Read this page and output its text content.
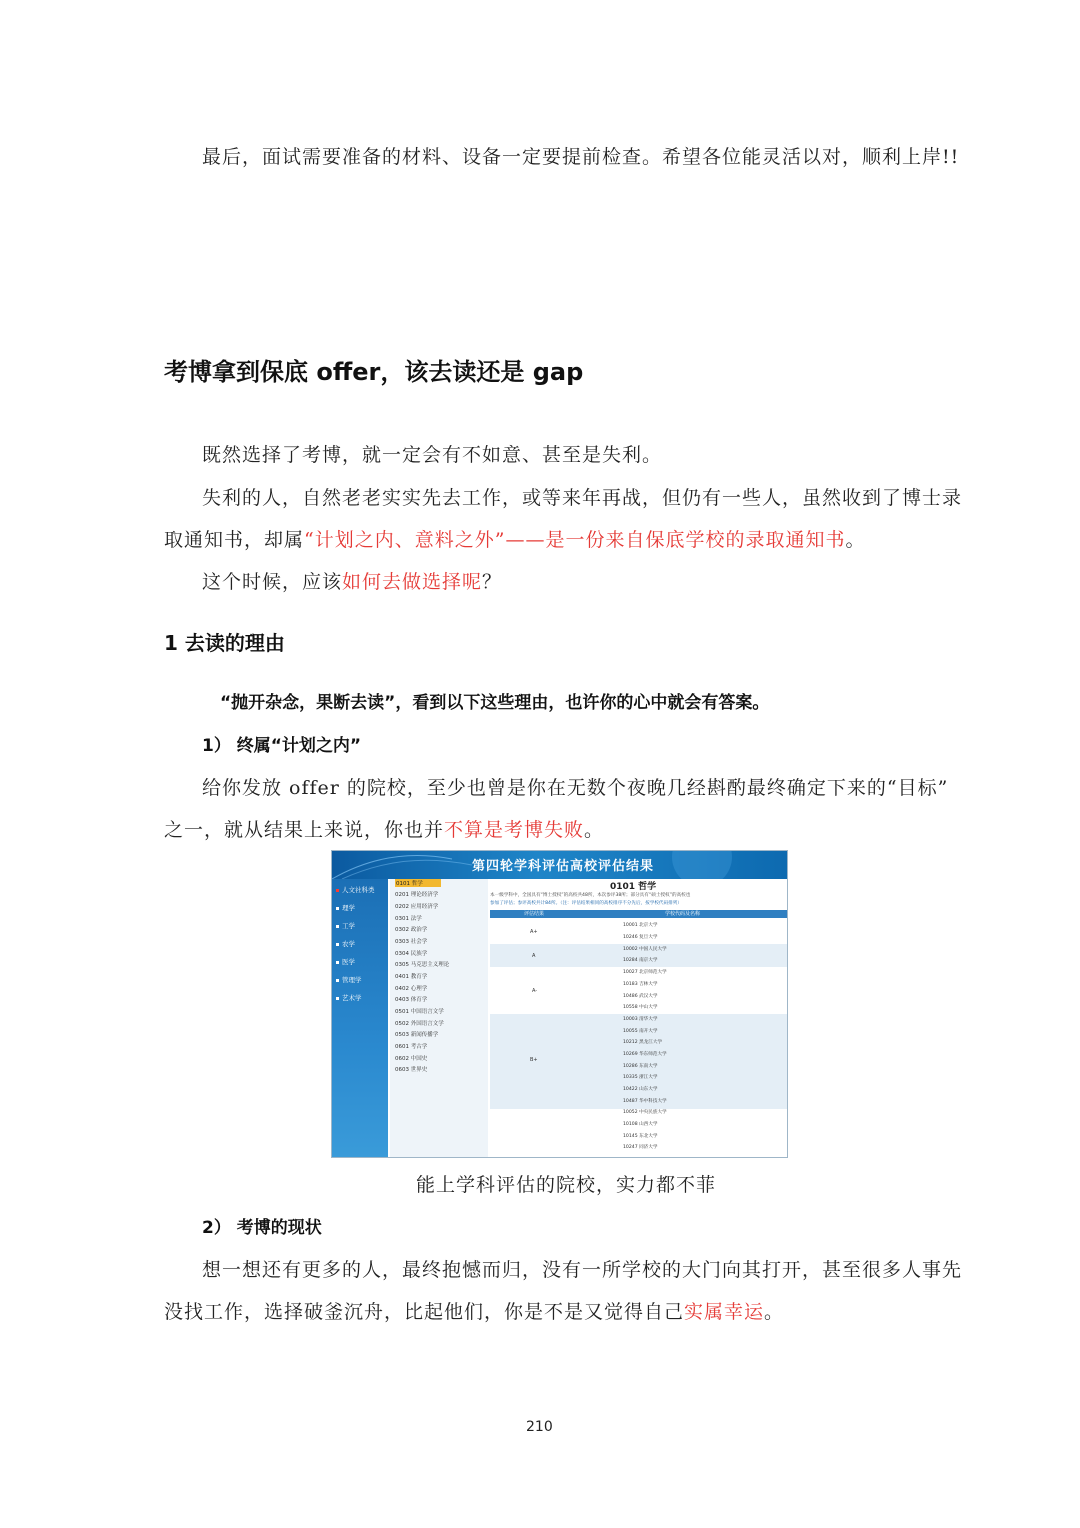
最后，面试需要准备的材料、设备一定要提前检查。希望各位能灵活以对，顺利上岸!!
考博拿到保底 offer，该去读还是 gap
既然选择了考博，就一定会有不如意、甚至是失利。
失利的人，自然老老实实先去工作，或等来年再战，但仍有一些人，虽然收到了博士录
取通知书，却属“计划之内、意料之外”——是一份来自保底学校的录取通知书。
这个时候，应该如何去做选择呢？
1 去读的理由
“抛开杂念，果断去读”，看到以下这些理由，也许你的心中就会有答案。
1） 终属“计划之内”
给你发放 offer 的院校，至少也曾是你在无数个夜晚几经斟酌最终确定下来的“目标”
之一，就从结果上来说，你也并不算是考博失败。
第四轮学科评估高校评估结果
人文社科类
理学
工学
农学
医学
管理学
艺术学
0101 哲学
0201 理论经济学
0202 应用经济学
0301 法学
0302 政治学
0303 社会学
0304 民族学
0305 马克思主义理论
0401 教育学
0402 心理学
0403 体育学
0501 中国语言文学
0502 外国语言文学
0503 新闻传播学
0601 考古学
0602 中国史
0603 世界史
0101 哲学
本一级学科中，全国具有“博士授权”的高校共48所，本次参评38所；部分具有“硕士授权”的高校也
参加了评估；参评高校共计84所。（注：评估结果相同的高校排序不分先后，按学校代码排列）
评估结果	学校代码及名称
A+
10001 北京大学
10246 复旦大学
A
10002 中国人民大学
10284 南京大学
A-
10027 北京师范大学
10183 吉林大学
10486 武汉大学
10558 中山大学
B+
10003 清华大学
10055 南开大学
10212 黑龙江大学
10269 华东师范大学
10286 东南大学
10335 浙江大学
10422 山东大学
10487 华中科技大学
10052 中央民族大学
10108 山西大学
10145 东北大学
10247 同济大学
能上学科评估的院校，实力都不菲
2） 考博的现状
想一想还有更多的人，最终抱憾而归，没有一所学校的大门向其打开，甚至很多人事先
没找工作，选择破釜沉舟，比起他们，你是不是又觉得自己实属幸运。
210
